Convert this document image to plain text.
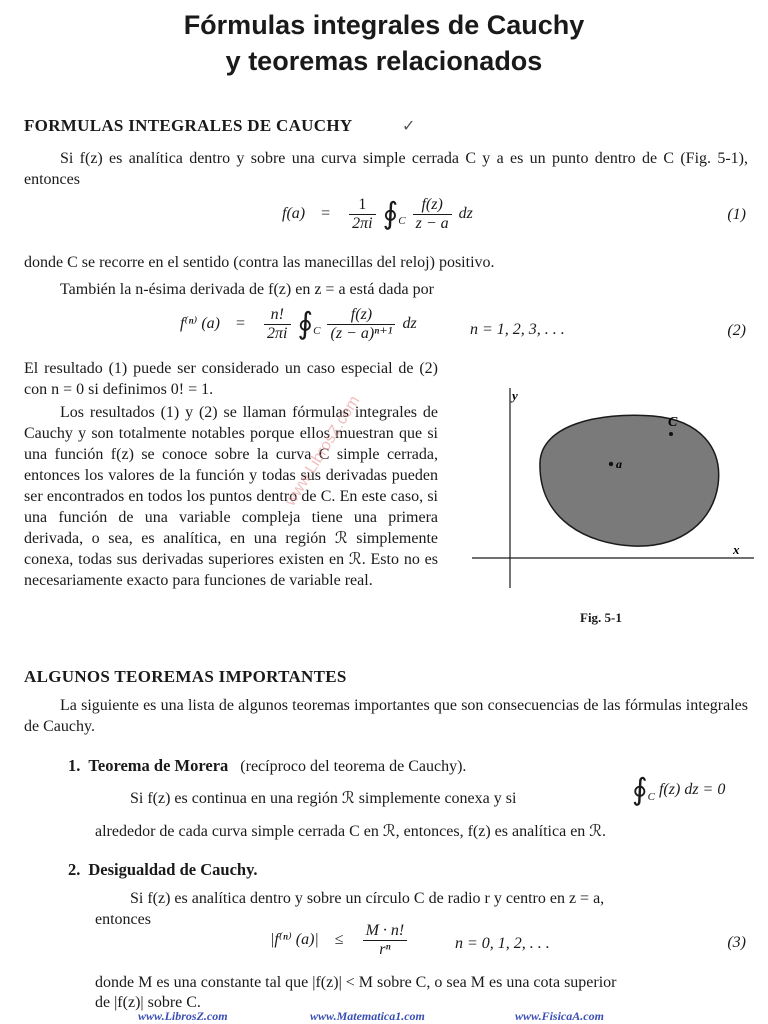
Fórmulas integrales de Cauchy
y teoremas relacionados
FORMULAS INTEGRALES DE CAUCHY	✓
Si f(z) es analítica dentro y sobre una curva simple cerrada C y a es un punto dentro de C (Fig. 5-1), entonces
$f(a) = \frac{1}{2\pi i}$ $∮_C \frac{f(z)}{z - a}$ dz	(1)
donde C se recorre en el sentido (contra las manecillas del reloj) positivo.
También la n-ésima derivada de f(z) en z = a está dada por
f⁽ⁿ⁾ $(a) = \frac{n!}{2\pi i}$ $∮_C \frac{f(z)}{\text{(z − a)ⁿ⁺¹}}$ dz	n = 1, 2, 3, . . .	(2)

El resultado (1) puede ser considerado un caso especial de (2) con n = 0 si definimos 0! = 1.

Los resultados (1) y (2) se llaman fórmulas integrales de Cauchy y son totalmente notables porque ellos muestran que si una función f(z) se conoce sobre la curva C simple cerrada, entonces los valores de la función y todas sus derivadas pueden ser encontrados en todos los puntos dentro de C. En este caso, si una función de una variable compleja tiene una primera derivada, o sea, es analítica, en una región ℛ simplemente conexa, todas sus derivadas superiores existen en ℛ. Esto no es necesariamente exacto para funciones de variable real.

y
x
C
a
Fig. 5-1
www.LibrosZ.com
ALGUNOS TEOREMAS IMPORTANTES
La siguiente es una lista de algunos teoremas importantes que son consecuencias de las fórmulas integrales de Cauchy.
1. Teorema de Morera (recíproco del teorema de Cauchy).
Si f(z) es continua en una región ℛ simplemente conexa y si	$∮_C$ f(z) dz = 0
alrededor de cada curva simple cerrada C en ℛ, entonces, f(z) es analítica en ℛ.
2. Desigualdad de Cauchy.
Si f(z) es analítica dentro y sobre un círculo C de radio r y centro en z = a,
entonces
|f⁽ⁿ⁾ $(a)| \le \frac{M \cdot n!}{\text{rⁿ}}$	n = 0, 1, 2, . . .	(3)
donde M es una constante tal que |f(z)| < M sobre C, o sea M es una cota superior
de |f(z)| sobre C.
www.LibrosZ.com	www.Matematica1.com	www.FisicaA.com
